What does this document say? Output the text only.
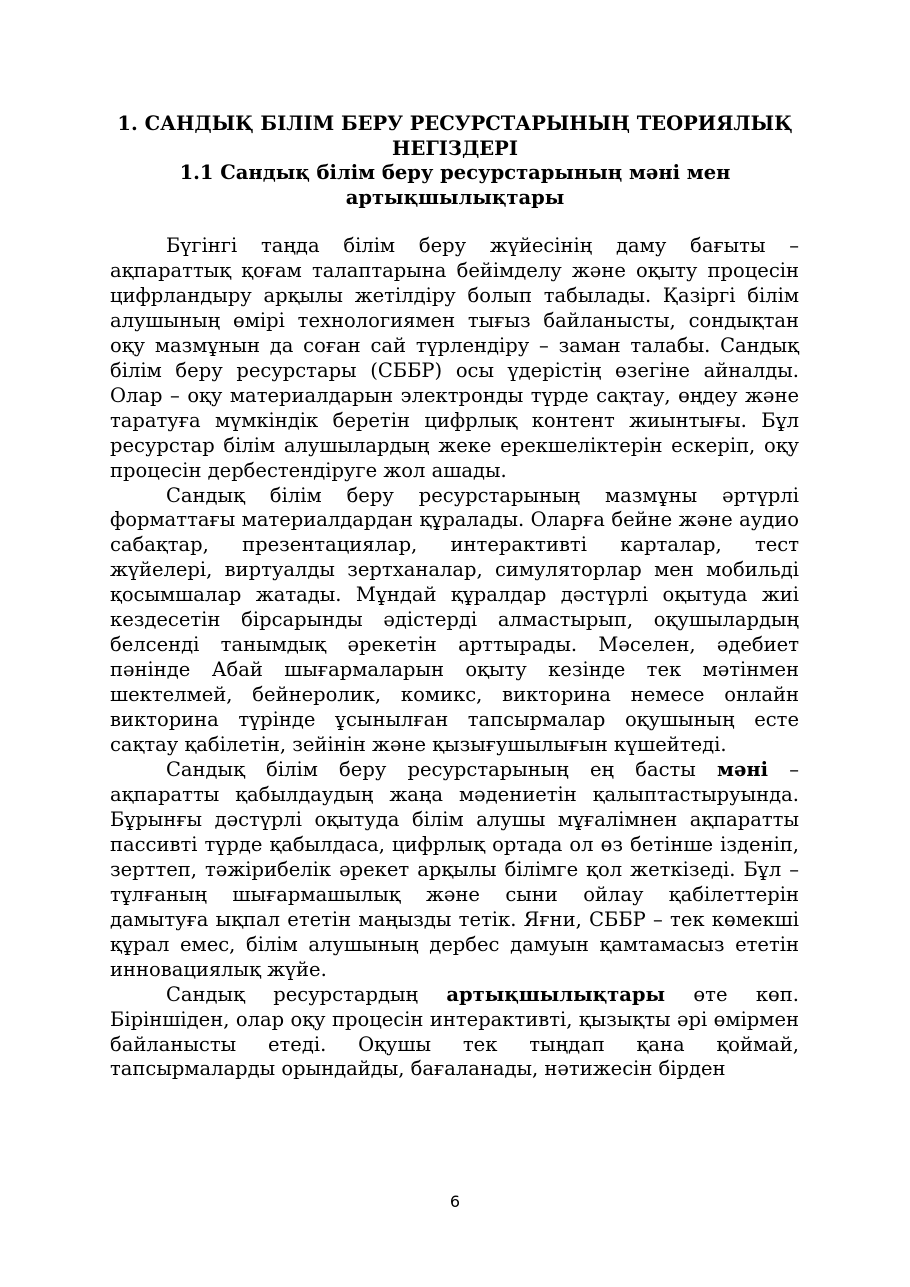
1. САНДЫҚ БІЛІМ БЕРУ РЕСУРСТАРЫНЫҢ ТЕОРИЯЛЫҚ НЕГІЗДЕРІ
1.1 Сандық білім беру ресурстарының мәні мен артықшылықтары

Бүгінгі таңда білім беру жүйесінің даму бағыты – ақпараттық қоғам талаптарына бейімделу және оқыту процесін цифрландыру арқылы жетілдіру болып табылады. Қазіргі білім алушының өмірі технологиямен тығыз байланысты, сондықтан оқу мазмұнын да соған сай түрлендіру – заман талабы. Сандық білім беру ресурстары (СББР) осы үдерістің өзегіне айналды. Олар – оқу материалдарын электронды түрде сақтау, өңдеу және таратуға мүмкіндік беретін цифрлық контент жиынтығы. Бұл ресурстар білім алушылардың жеке ерекшеліктерін ескеріп, оқу процесін дербестендіруге жол ашады.

Сандық білім беру ресурстарының мазмұны әртүрлі форматтағы материалдардан құралады. Оларға бейне және аудио сабақтар, презентациялар, интерактивті карталар, тест жүйелері, виртуалды зертханалар, симуляторлар мен мобильді қосымшалар жатады. Мұндай құралдар дәстүрлі оқытуда жиі кездесетін бірсарынды әдістерді алмастырып, оқушылардың белсенді танымдық әрекетін арттырады. Мәселен, әдебиет пәнінде Абай шығармаларын оқыту кезінде тек мәтінмен шектелмей, бейнеролик, комикс, викторина немесе онлайн викторина түрінде ұсынылған тапсырмалар оқушының есте сақтау қабілетін, зейінін және қызығушылығын күшейтеді.

Сандық білім беру ресурстарының ең басты мәні – ақпаратты қабылдаудың жаңа мәдениетін қалыптастыруында. Бұрынғы дәстүрлі оқытуда білім алушы мұғалімнен ақпаратты пассивті түрде қабылдаса, цифрлық ортада ол өз бетінше ізденіп, зерттеп, тәжірибелік әрекет арқылы білімге қол жеткізеді. Бұл – тұлғаның шығармашылық және сыни ойлау қабілеттерін дамытуға ықпал ететін маңызды тетік. Яғни, СББР – тек көмекші құрал емес, білім алушының дербес дамуын қамтамасыз ететін инновациялық жүйе.

Сандық ресурстардың артықшылықтары өте көп. Біріншіден, олар оқу процесін интерактивті, қызықты әрі өмірмен байланысты етеді. Оқушы тек тыңдап қана қоймай, тапсырмаларды орындайды, бағаланады, нәтижесін бірден

6
